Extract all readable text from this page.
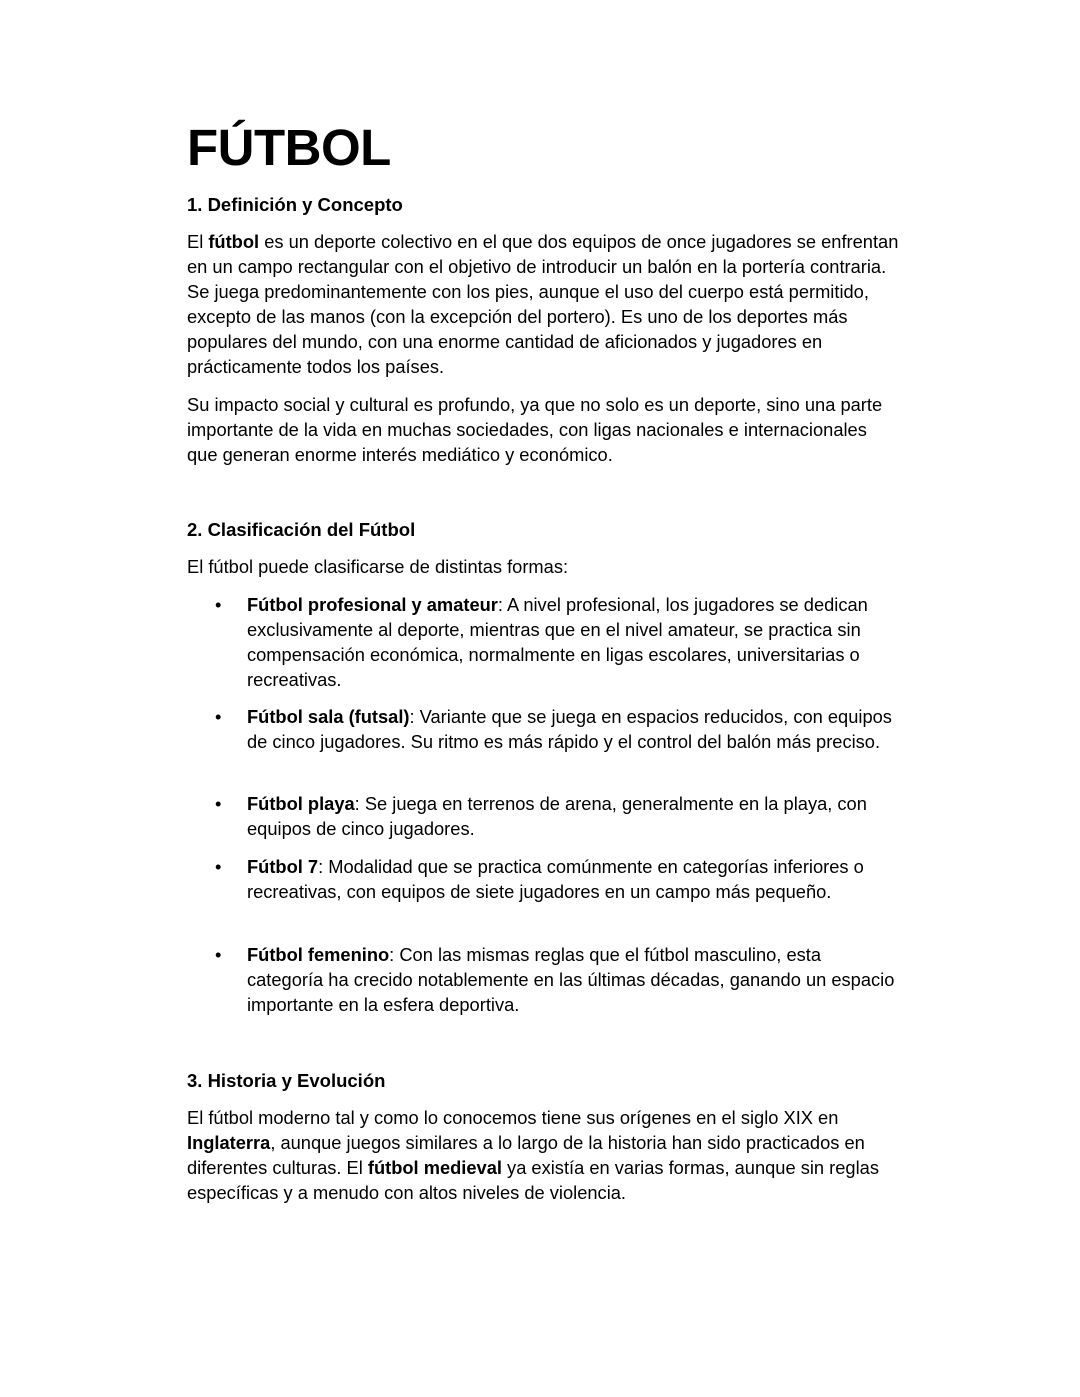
FÚTBOL
1. Definición y Concepto

El fútbol es un deporte colectivo en el que dos equipos de once jugadores se enfrentan en un campo rectangular con el objetivo de introducir un balón en la portería contraria. Se juega predominantemente con los pies, aunque el uso del cuerpo está permitido, excepto de las manos (con la excepción del portero). Es uno de los deportes más populares del mundo, con una enorme cantidad de aficionados y jugadores en prácticamente todos los países.

Su impacto social y cultural es profundo, ya que no solo es un deporte, sino una parte importante de la vida en muchas sociedades, con ligas nacionales e internacionales que generan enorme interés mediático y económico.

2. Clasificación del Fútbol

El fútbol puede clasificarse de distintas formas:

• Fútbol profesional y amateur: A nivel profesional, los jugadores se dedican exclusivamente al deporte, mientras que en el nivel amateur, se practica sin compensación económica, normalmente en ligas escolares, universitarias o recreativas.

• Fútbol sala (futsal): Variante que se juega en espacios reducidos, con equipos de cinco jugadores. Su ritmo es más rápido y el control del balón más preciso.

• Fútbol playa: Se juega en terrenos de arena, generalmente en la playa, con equipos de cinco jugadores.

• Fútbol 7: Modalidad que se practica comúnmente en categorías inferiores o recreativas, con equipos de siete jugadores en un campo más pequeño.

• Fútbol femenino: Con las mismas reglas que el fútbol masculino, esta categoría ha crecido notablemente en las últimas décadas, ganando un espacio importante en la esfera deportiva.

3. Historia y Evolución

El fútbol moderno tal y como lo conocemos tiene sus orígenes en el siglo XIX en Inglaterra, aunque juegos similares a lo largo de la historia han sido practicados en diferentes culturas. El fútbol medieval ya existía en varias formas, aunque sin reglas específicas y a menudo con altos niveles de violencia.
